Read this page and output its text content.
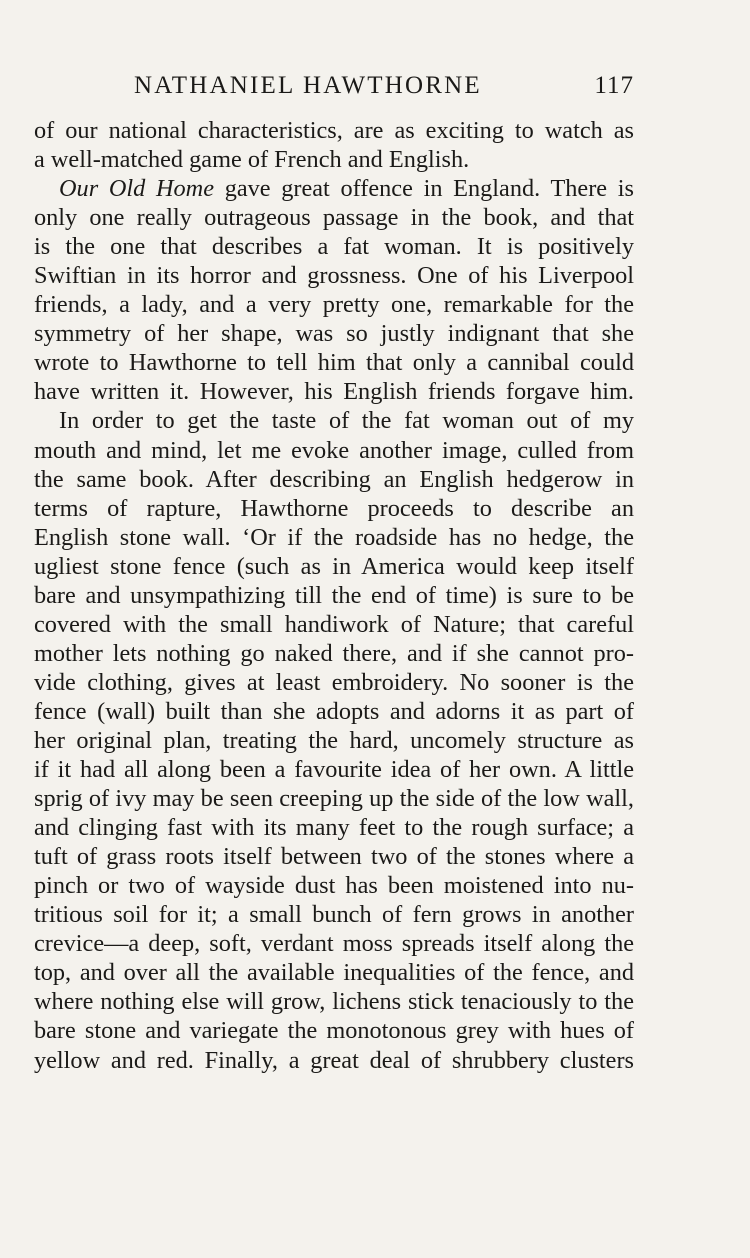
NATHANIEL HAWTHORNE	117
of our national characteristics, are as exciting to watch as
a well-matched game of French and English.
Our Old Home gave great offence in England. There is
only one really outrageous passage in the book, and that
is the one that describes a fat woman. It is positively
Swiftian in its horror and grossness. One of his Liverpool
friends, a lady, and a very pretty one, remarkable for the
symmetry of her shape, was so justly indignant that she
wrote to Hawthorne to tell him that only a cannibal could
have written it. However, his English friends forgave him.
In order to get the taste of the fat woman out of my
mouth and mind, let me evoke another image, culled from
the same book. After describing an English hedgerow in
terms of rapture, Hawthorne proceeds to describe an
English stone wall. ‘Or if the roadside has no hedge, the
ugliest stone fence (such as in America would keep itself
bare and unsympathizing till the end of time) is sure to be
covered with the small handiwork of Nature; that careful
mother lets nothing go naked there, and if she cannot pro-
vide clothing, gives at least embroidery. No sooner is the
fence (wall) built than she adopts and adorns it as part of
her original plan, treating the hard, uncomely structure as
if it had all along been a favourite idea of her own. A little
sprig of ivy may be seen creeping up the side of the low wall,
and clinging fast with its many feet to the rough surface; a
tuft of grass roots itself between two of the stones where a
pinch or two of wayside dust has been moistened into nu-
tritious soil for it; a small bunch of fern grows in another
crevice—a deep, soft, verdant moss spreads itself along the
top, and over all the available inequalities of the fence, and
where nothing else will grow, lichens stick tenaciously to the
bare stone and variegate the monotonous grey with hues of
yellow and red. Finally, a great deal of shrubbery clusters
